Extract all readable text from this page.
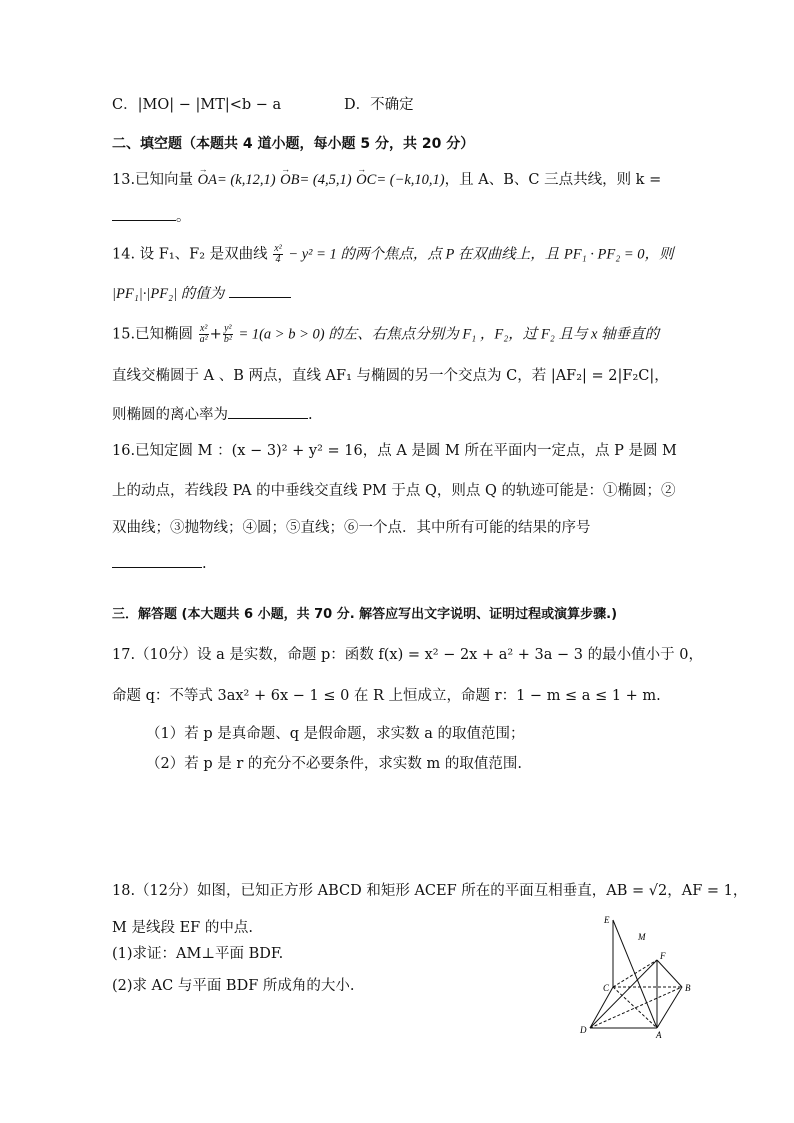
C．|MO| − |MT|<b − a	D．不确定
二、填空题（本题共 4 道小题，每小题 5 分，共 20 分）
13.已知向量 OA →= (k,12,1) OB →= (4,5,1) OC →= (−k,10,1)，且 A、B、C 三点共线，则 k =
。
14. 设 F₁、F₂ 是双曲线 $\frac{\text{x²}}{4} - y^2 = 1$ 的两个焦点，点 P 在双曲线上，且 PF₁ · PF₂ = 0，则
|PF₁|·|PF₂| 的值为
15.已知椭圆 $\frac{\text{x²}}{\text{a²}} + \frac{\text{y²}}{\text{b²}} = 1(a > b > 0)$ 的左、右焦点分别为 F₁ ，F₂，过 F₂ 且与 x 轴垂直的
直线交椭圆于 A 、B 两点，直线 AF₁ 与椭圆的另一个交点为 C，若 |AF₂| = 2|F₂C|，
则椭圆的离心率为	.
16.已知定圆 M ：(x − 3)² + y² = 16，点 A 是圆 M 所在平面内一定点，点 P 是圆 M
上的动点，若线段 PA 的中垂线交直线 PM 于点 Q，则点 Q 的轨迹可能是：①椭圆；②
双曲线；③抛物线；④圆；⑤直线；⑥一个点．其中所有可能的结果的序号
.
三．解答题 (本大题共 6 小题，共 70 分. 解答应写出文字说明、证明过程或演算步骤.)
17.（10分）设 a 是实数，命题 p：函数 f(x) = x² − 2x + a² + 3a − 3 的最小值小于 0，
命题 q：不等式 3ax² + 6x − 1 ≤ 0 在 R 上恒成立，命题 r：1 − m ≤ a ≤ 1 + m.
（1）若 p 是真命题、q 是假命题，求实数 a 的取值范围；
（2）若 p 是 r 的充分不必要条件，求实数 m 的取值范围.
18.（12分）如图，已知正方形 ABCD 和矩形 ACEF 所在的平面互相垂直，AB = √2，AF = 1，
M 是线段 EF 的中点.
(1)求证：AM⊥平面 BDF.
(2)求 AC 与平面 BDF 所成角的大小.
E
M
F
C	B
D	A
